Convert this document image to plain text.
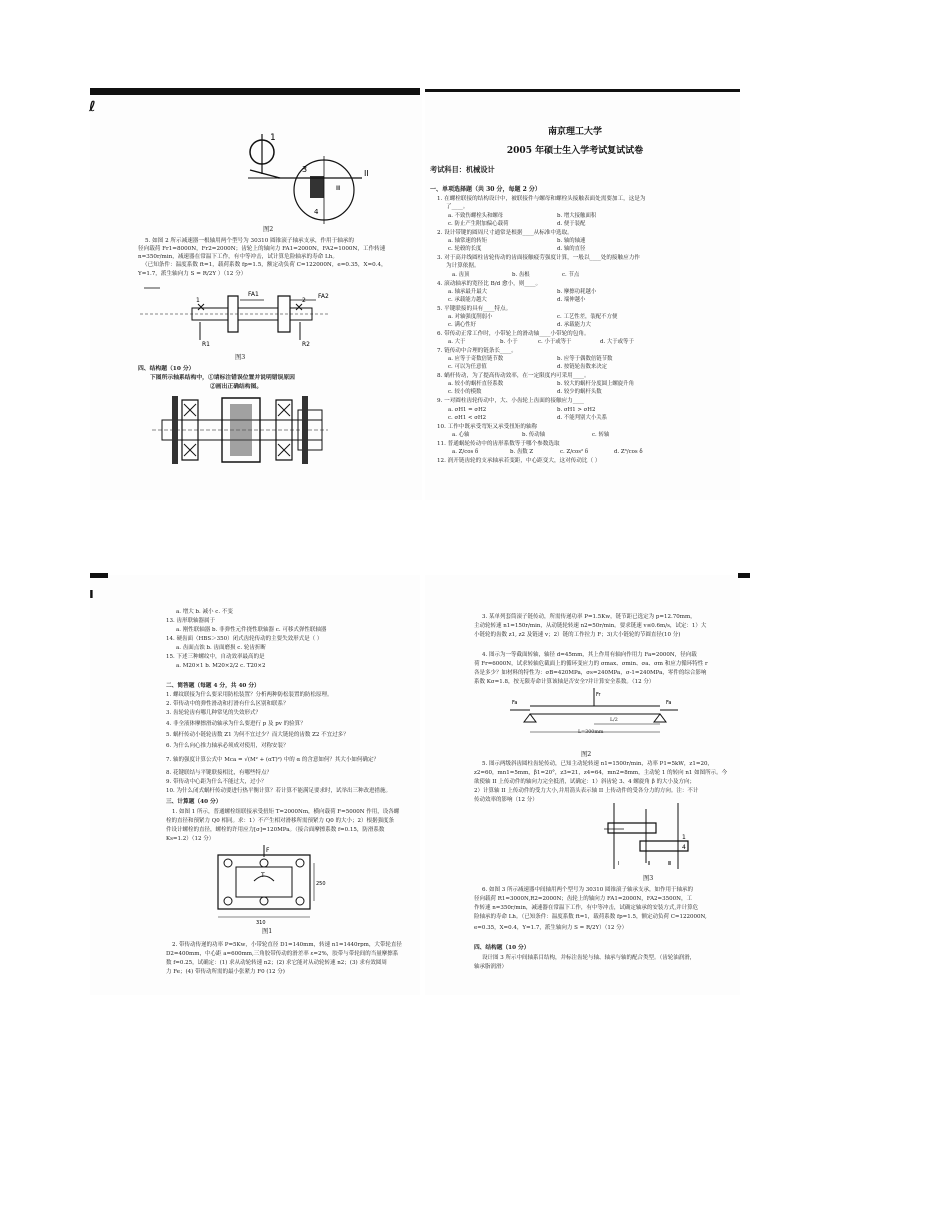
ℓ
1
3	II
Ⅲ
4
图2
5. 如图 2 所示减速器一根轴用两个型号为 30310 圆锥滚子轴承支承，作用于轴承的
径向载荷 Fr1=8000N，Fr2=2000N；齿轮上的轴向力 FA1=2000N，FA2=1000N，工作转速
n=350r/min，减速器在常温下工作，有中等冲击，试计算危险轴承的寿命 Lh。
（已知条件：温度系数 ft=1，载荷系数 fp=1.5，额定动负荷 C=122000N，e=0.35，X=0.4，
Y=1.7，派生轴向力 S = R/2Y ）（12 分）
FA1	FA2
1	2
R1	R2
图3
四、结构题（10 分）
下图所示轴系结构中，①请标注错误位置并说明错误原因
②画出正确结构图。
南京理工大学
2005 年硕士生入学考试复试试卷
考试科目：机械设计
一、单项选择题（共 30 分，每题 2 分）
1. 在螺栓联接的结构设计中，被联接件与螺母和螺栓头接触表面处需要加工，这是为
了____。
a. 不致伤螺栓头和螺母	b. 增大接触面积
c. 防止产生附加偏心载荷	d. 便于装配
2. 设计带键的圆周尺寸通常是根据____从标准中选取。
a. 轴常速的转矩	b. 轴的轴速
c. 轮毂的长度	d. 轴的直径
3. 对于高并线圆柱齿轮传动的齿面接触疲劳强度计算，一般以____处的接触应力作
为计算依据。
a. 齿顶	b. 齿根	c. 节点
4. 滚动轴承的宽径比 B/d 愈小，则____。
a. 轴承最升最大	b. 摩擦功耗越小
c. 承载能力越大	d. 端伸越小
5. 平键联接的具有____特点。
a. 对轴强度削弱小	c. 工艺性差，装配不方便
c. 满心性好	d. 承载能力大
6. 带传动正常工作时，小带轮上的滑动轴____小带轮的包角。
a. 大于	b. 小于	c. 小于或等于	d. 大于或等于
7. 链传动中合理的链条长____。
a. 应等于奇数倍链节数	b. 应等于偶数倍链节数
c. 可以为任意值	d. 按链轮齿数来决定
8. 蜗杆传动，为了提高传动效率，在一定限度内可采用____。
a. 较小的蜗杆直径系数	b. 较大的蜗杆分度圆上螺旋升角
c. 较小的模数	d. 较少的蜗杆头数
9. 一对圆柱齿轮传动中，大、小齿轮上齿面的接触应力____
a. σH1 = σH2	b. σH1 > σH2
c. σH1 < σH2	d. 不能判别大小关系
10. 工作中既承受弯矩又承受扭矩的轴称
a. 心轴	b. 传动轴	c. 转轴
11. 普通蜗轮传动中的齿形系数等于哪个参数选取
a. Z/cos δ	b. 齿数 Z	c. Z/cos² δ	d. Z³/cos δ
12. 润开链齿轮的支承轴承若变距，中心距变大，这对传动比（ ）
ı
a. 增大 b. 减小 c. 不变
13. 齿形联轴器属于
a. 刚性联轴器 b. 非弹性元件挠性联轴器 c. 可移式弹性联轴器
14. 硬齿面（HBS＞350）闭式齿轮传动的主要失效形式是（ ）
a. 齿面点蚀 b. 齿面磨损 c. 轮齿折断
15. 下述三种螺纹中，自动效率最高的是
a. M20×1 b. M20×2/2 c. T20×2
二、简答题（每题 4 分，共 40 分）
1. 螺纹联接为什么要采用防松装置？分析两种防松装置的防松原理。
2. 带传动中的弹性滑动和打滑有什么区别和联系？
3. 齿轮轮齿有哪几种常见的失效形式？
4. 非全液体摩擦滑动轴承为什么要进行 p 及 pv 的验算？
5. 蜗杆传动小链轮齿数 Z1 为何不宜过少？而大链轮的齿数 Z2 不宜过多？
6. 为什么向心推力轴承必须成对使用，对称安装？
7. 轴的强度计算公式中 Mca = √(M² + (αT)²) 中的 α 的含意如何？其大小如何确定？
8. 花键联结与平键联接相比，有哪些特点？
9. 带传动中心距为什么不能过大，过小？
10. 为什么闭式蜗杆传动要进行热平衡计算？若计算不能满足要求时，试举出三种改进措施。
三、计算题（40 分）
1. 如图 1 所示，普通螺栓组联接承受扭矩 T=2000Nm，横向载荷 F=5000N 作用，设各螺
栓的直径和预紧力 Q0 相同。求：1）不产生相对滑移所需预紧力 Q0 的大小；2）根据强度条
件设计螺栓的直径，螺栓的许用应力[σ]=120MPa。（接合面摩擦系数 f=0.15，防滑系数
Ks=1.2）（12 分）
F
T
250
310
图1
2. 带传动传递的功率 P=5Kw，小带轮直径 D1=140mm，转速 n1=1440rpm，大带轮直径
D2=400mm，中心距 a=600mm,三角胶带传动的滑差率 ε=2%，胶带与带轮间的当量摩擦系
数 f=0.25，试确定：(1) 求从动轮转速 n2；(2) 求它能对从动轮转速 n2；(3) 求有效圆周
力 Fe；(4) 带传动所需的最小张紧力 F0 (12 分)
3. 某单列套筒滚子链传动，所需传递功率 P=1.5Kw，链节距已选定为 p=12.70mm，
主动轮转速 n1=150r/min，从动链轮转速 n2=50r/min。要求链速 v≤0.6m/s，试定：1）大
小链轮的齿数 z1, z2 及链速 v；2）链的工作拉力 F；3)大小链轮的节圆直径(10 分)
4. 图示为一等截面转轴，轴径 d=45mm，其上作用有轴向作用力 Fa=2000N，径向载
荷 Fr=6000N，试求转轴危截面上的循环变应力的 σmax、σmin、σa、σm 和应力循环特性 r
各是多少？如材料的特性为：σB=420MPa，σs=240MPa，σ-1=240MPa，零件的综合影响
系数 Kσ=1.8，按无限寿命计算该轴是否安全?并计算安全系数。（12 分）
Fr
Fa	Fa
L/2
L=300mm
图2
5. 图示两级斜齿圆柱齿轮传动，已知主动轮转速 n1=1500r/min，功率 P1=5kW，z1=20，
z2=60，mn1=5mm，β1=20°，z3=21，z4=64，mn2=8mm，主动轮 1 的转向 n1 如图所示。今
欲使轴 II 上传动件的轴向力完全抵消，试确定：1）斜齿轮 3、4 螺旋角 β 的大小及方向；
2）计算轴 II 上传动件的受力大小,并用箭头表示轴 II 上传动件的受各分力的方向。注：不计
传动效率的影响（12 分）
1
4
Ⅰ	Ⅱ	Ⅲ
图3
6. 如图 3 所示减速器中间轴用两个型号为 30310 圆锥滚子轴承支承，如作用于轴承的
径向载荷 R1=3000N,R2=2000N；齿轮上的轴向力 FA1=2000N，FA2=3500N，工
作转速 n=350r/min，减速器在常温下工作，有中等冲击，试确定轴承的安装方式,并计算危
险轴承的寿命 Lh。（已知条件：温度系数 ft=1，载荷系数 fp=1.5，额定动负荷 C=122000N,
e=0.35，X=0.4，Y=1.7，派生轴向力 S = R/2Y）（12 分）
四、结构题（10 分）
设计图 3 所示中间轴系目结构，并标注齿轮与轴、轴承与轴的配合类型。（齿轮油润滑，
轴承脂润滑）
